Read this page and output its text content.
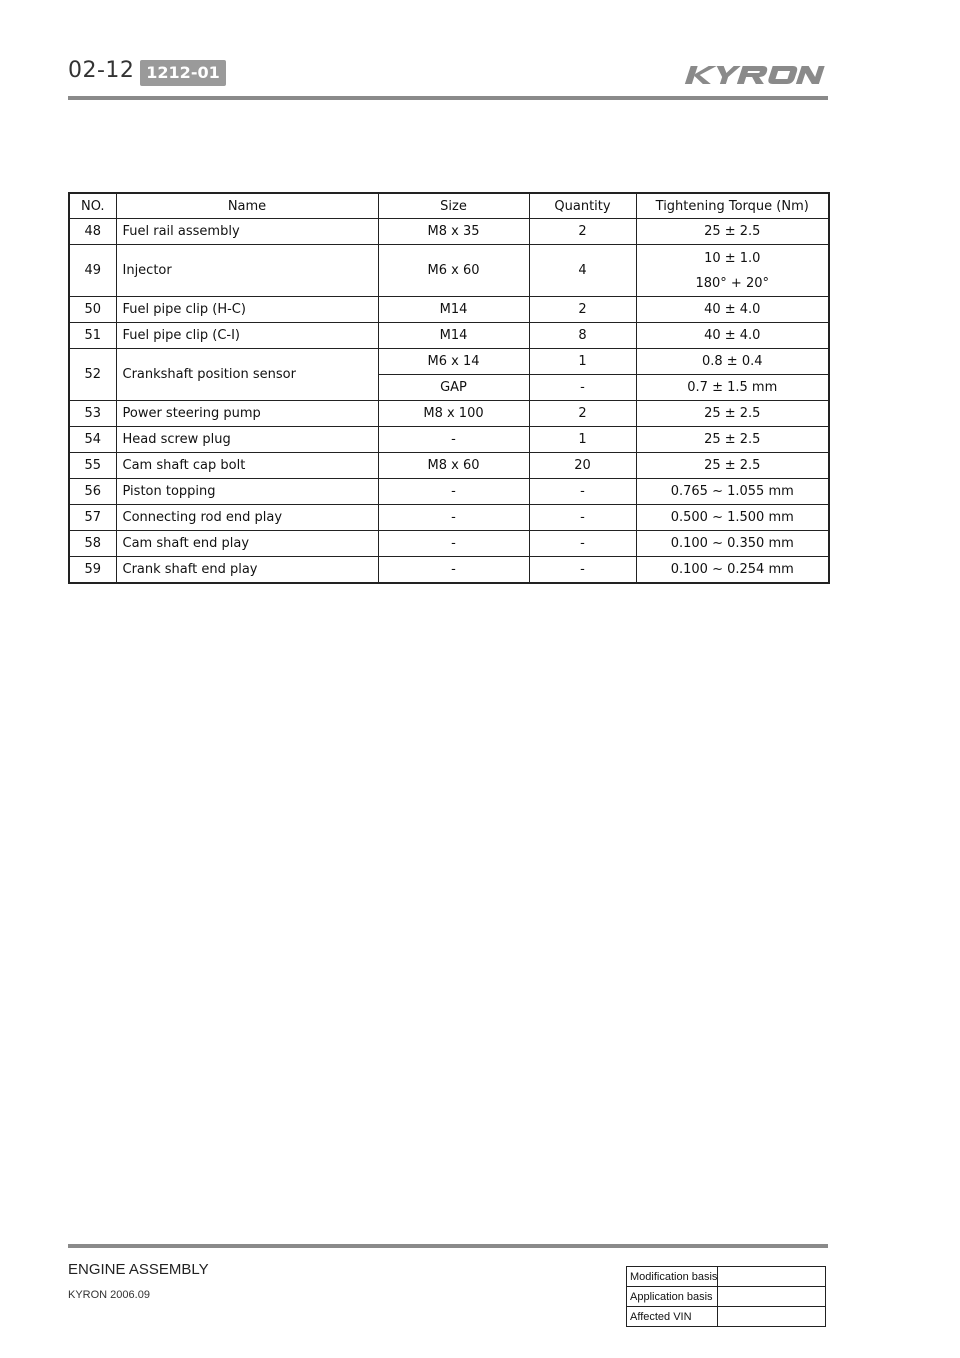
02-12 1212-01
NO.	Name	Size	Quantity	Tightening Torque (Nm)
48	Fuel rail assembly	M8 x 35	2	25 ± 2.5
49	Injector	M6 x 60	4	10 ± 1.0
180° + 20°

50	Fuel pipe clip (H-C)	M14	2	40 ± 4.0
51	Fuel pipe clip (C-I)	M14	8	40 ± 4.0
52	Crankshaft position sensor	M6 x 14	1	0.8 ± 0.4
		GAP	-	0.7 ± 1.5 mm
53	Power steering pump	M8 x 100	2	25 ± 2.5
54	Head screw plug	-	1	25 ± 2.5
55	Cam shaft cap bolt	M8 x 60	20	25 ± 2.5
56	Piston topping	-	-	0.765 ~ 1.055 mm
57	Connecting rod end play	-	-	0.500 ~ 1.500 mm
58	Cam shaft end play	-	-	0.100 ~ 0.350 mm
59	Crank shaft end play	-	-	0.100 ~ 0.254 mm
ENGINE ASSEMBLY
KYRON 2006.09
Modification basis	
Application basis	
Affected VIN	
